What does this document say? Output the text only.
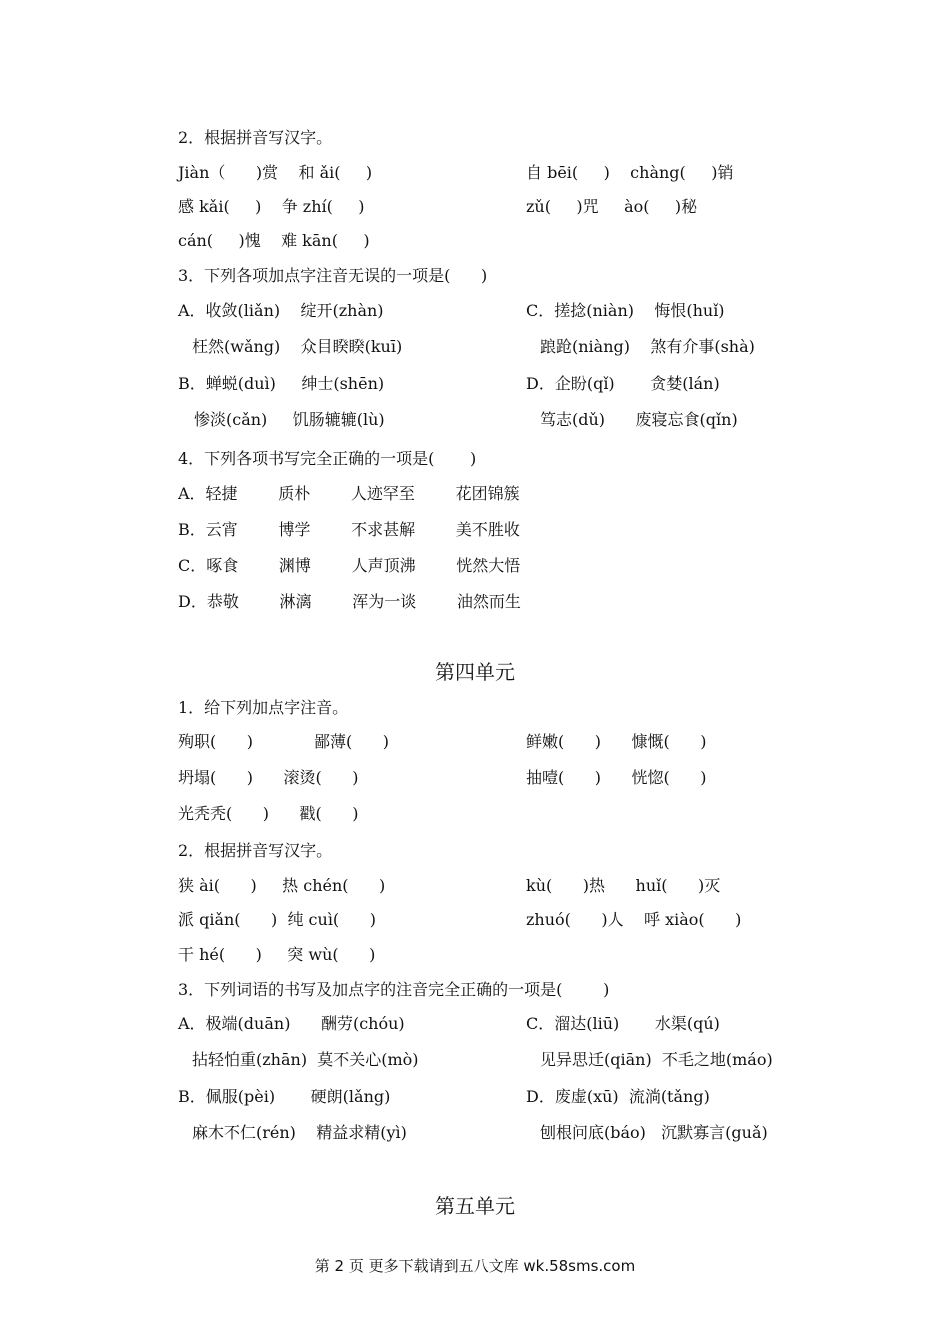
2．根据拼音写汉字。
Jiàn（      )赏    和 ǎi(     )	自 bēi(     )    chàng(     )销
感 kǎi(     )    争 zhí(     )	zǔ(     )咒     ào(     )秘
cán(     )愧    难 kān(     )
3．下列各项加点字注音无误的一项是(      )
A．收敛(liǎn)    绽开(zhàn)	C．搓捻(niàn)    悔恨(huǐ)
枉然(wǎng)    众目睽睽(kuī)	踉跄(niàng)    煞有介事(shà)
B．蝉蜕(duì)     绅士(shēn)	D．企盼(qǐ)       贪婪(lán)
惨淡(cǎn)     饥肠辘辘(lù)	笃志(dǔ)      废寝忘食(qǐn)
4．下列各项书写完全正确的一项是(       )
A．轻捷        质朴        人迹罕至        花团锦簇
B．云宵        博学        不求甚解        美不胜收
C．啄食        渊博        人声顶沸        恍然大悟
D．恭敬        淋漓        浑为一谈        油然而生
第四单元
1．给下列加点字注音。
殉职(      )            鄙薄(      )	鲜嫩(      )      慷慨(      )
坍塌(      )      滚烫(      )	抽噎(      )      恍惚(      )
光秃秃(      )      戳(      )
2．根据拼音写汉字。
狭 ài(      )     热 chén(      )	kù(      )热      huǐ(      )灭
派 qiǎn(      )  纯 cuì(      )	zhuó(      )人    呼 xiào(      )
干 hé(      )     突 wù(      )
3．下列词语的书写及加点字的注音完全正确的一项是(        )
A．极端(duān)      酬劳(chóu)	C．溜达(liū)       水渠(qú)
拈轻怕重(zhān)  莫不关心(mò)	见异思迁(qiān)  不毛之地(máo)
B．佩服(pèi)       硬朗(lǎng)	D．废虚(xū)  流淌(tǎng)
麻木不仁(rén)    精益求精(yì)	刨根问底(báo)   沉默寡言(guǎ)
第五单元
第 2 页 更多下载请到五八文库 wk.58sms.com
